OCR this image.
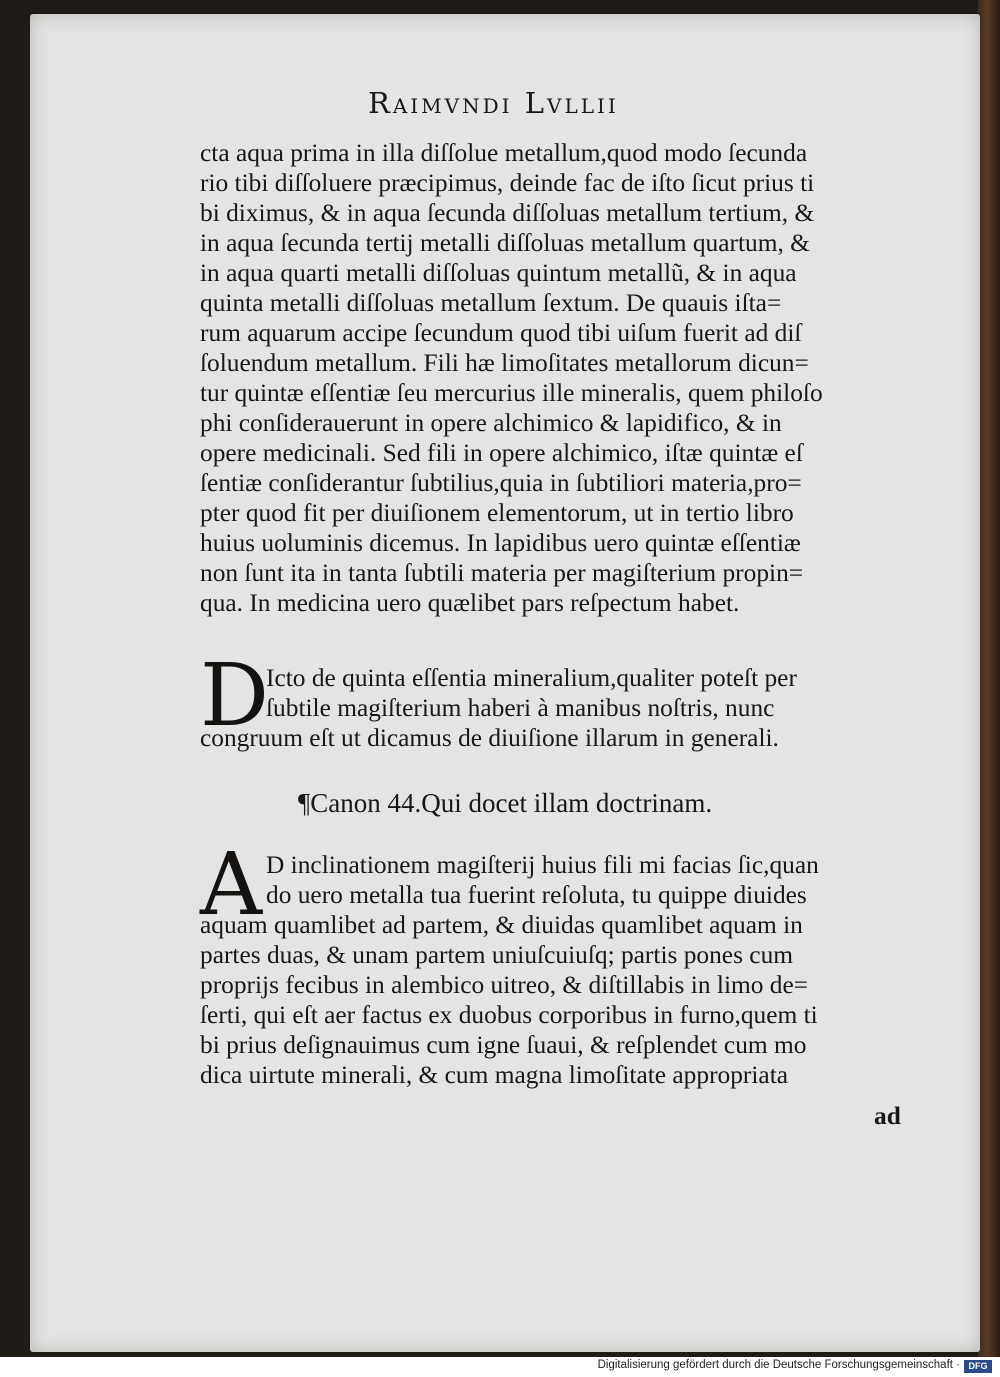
Raimvndi Lvllii
cta aqua prima in illa diſſolue metallum,quod modo ſecunda
rio tibi diſſoluere præcipimus, deinde fac de iſto ſicut prius ti
bi diximus, & in aqua ſecunda diſſoluas metallum tertium, &
in aqua ſecunda tertij metalli diſſoluas metallum quartum, &
in aqua quarti metalli diſſoluas quintum metallũ, & in aqua
quinta metalli diſſoluas metallum ſextum. De quauis iſta=
rum aquarum accipe ſecundum quod tibi uiſum fuerit ad diſ
ſoluendum metallum. Fili hæ limoſitates metallorum dicun=
tur quintæ eſſentiæ ſeu mercurius ille mineralis, quem philoſo
phi conſiderauerunt in opere alchimico & lapidifico, & in
opere medicinali. Sed fili in opere alchimico, iſtæ quintæ eſ
ſentiæ conſiderantur ſubtilius,quia in ſubtiliori materia,pro=
pter quod fit per diuiſionem elementorum, ut in tertio libro
huius uoluminis dicemus. In lapidibus uero quintæ eſſentiæ
non ſunt ita in tanta ſubtili materia per magiſterium propin=
qua. In medicina uero quælibet pars reſpectum habet.
D
Icto de quinta eſſentia mineralium,qualiter poteſt per
ſubtile magiſterium haberi à manibus noſtris, nunc
congruum eſt ut dicamus de diuiſione illarum in generali.
¶Canon 44.Qui docet illam doctrinam.
A D inclinationem magiſterij huius fili mi facias ſic,quan
do uero metalla tua fuerint reſoluta, tu quippe diuides
aquam quamlibet ad partem, & diuidas quamlibet aquam in
partes duas, & unam partem uniuſcuiuſq; partis pones cum
proprijs fecibus in alembico uitreo, & diſtillabis in limo de=
ſerti, qui eſt aer factus ex duobus corporibus in furno,quem ti
bi prius deſignauimus cum igne ſuaui, & reſplendet cum mo
dica uirtute minerali, & cum magna limoſitate appropriata
ad
Digitalisierung gefördert durch die Deutsche Forschungsgemeinschaft · DFG
